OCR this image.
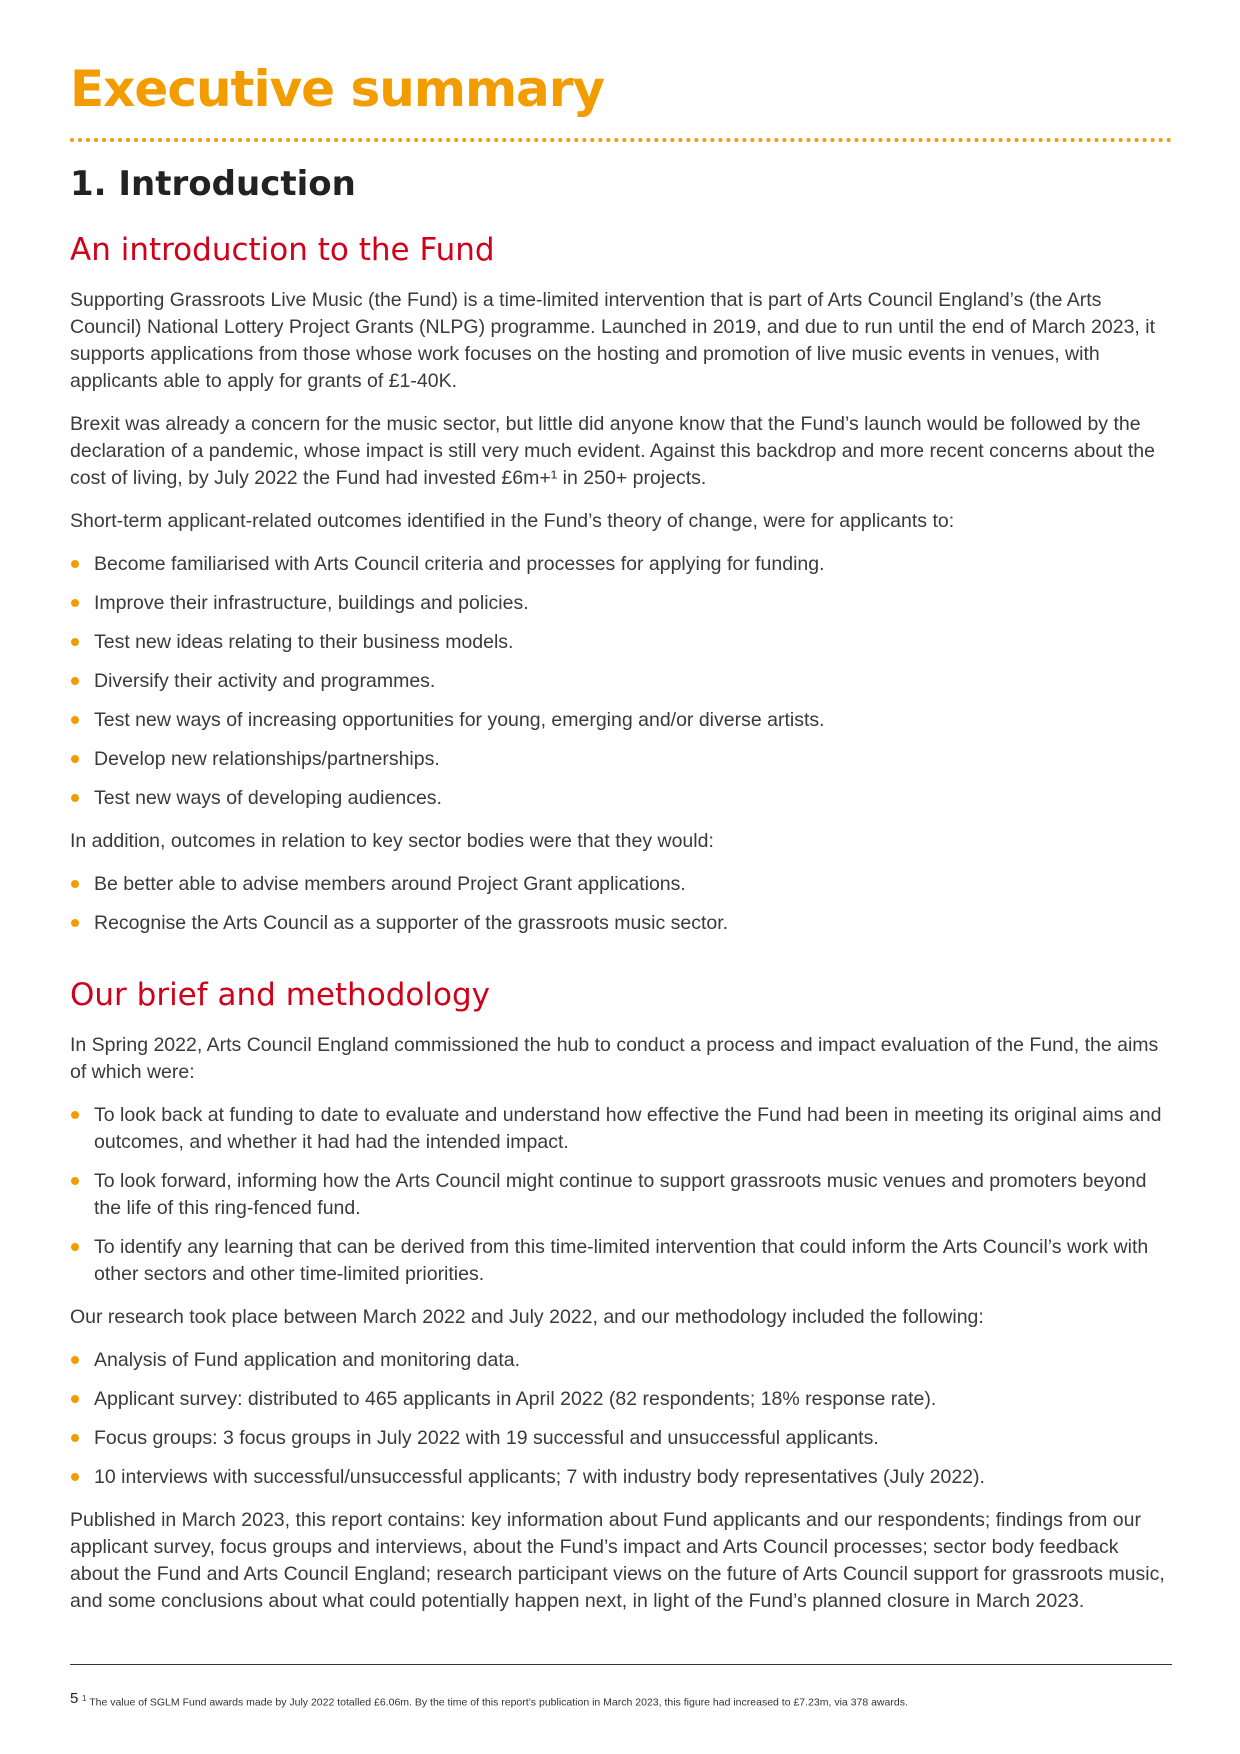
Executive summary
1. Introduction
An introduction to the Fund

Supporting Grassroots Live Music (the Fund) is a time-limited intervention that is part of Arts Council England’s (the Arts Council) National Lottery Project Grants (NLPG) programme. Launched in 2019, and due to run until the end of March 2023, it supports applications from those whose work focuses on the hosting and promotion of live music events in venues, with applicants able to apply for grants of £1-40K.

Brexit was already a concern for the music sector, but little did anyone know that the Fund’s launch would be followed by the declaration of a pandemic, whose impact is still very much evident. Against this backdrop and more recent concerns about the cost of living, by July 2022 the Fund had invested £6m+¹ in 250+ projects.

Short-term applicant-related outcomes identified in the Fund’s theory of change, were for applicants to:

Become familiarised with Arts Council criteria and processes for applying for funding.
Improve their infrastructure, buildings and policies.
Test new ideas relating to their business models.
Diversify their activity and programmes.
Test new ways of increasing opportunities for young, emerging and/or diverse artists.
Develop new relationships/partnerships.
Test new ways of developing audiences.

In addition, outcomes in relation to key sector bodies were that they would:

Be better able to advise members around Project Grant applications.
Recognise the Arts Council as a supporter of the grassroots music sector.
Our brief and methodology

In Spring 2022, Arts Council England commissioned the hub to conduct a process and impact evaluation of the Fund, the aims of which were:

To look back at funding to date to evaluate and understand how effective the Fund had been in meeting its original aims and outcomes, and whether it had had the intended impact.
To look forward, informing how the Arts Council might continue to support grassroots music venues and promoters beyond the life of this ring-fenced fund.
To identify any learning that can be derived from this time-limited intervention that could inform the Arts Council’s work with other sectors and other time-limited priorities.

Our research took place between March 2022 and July 2022, and our methodology included the following:

Analysis of Fund application and monitoring data.
Applicant survey: distributed to 465 applicants in April 2022 (82 respondents; 18% response rate).
Focus groups: 3 focus groups in July 2022 with 19 successful and unsuccessful applicants.
10 interviews with successful/unsuccessful applicants; 7 with industry body representatives (July 2022).

Published in March 2023, this report contains: key information about Fund applicants and our respondents; findings from our applicant survey, focus groups and interviews, about the Fund’s impact and Arts Council processes; sector body feedback about the Fund and Arts Council England; research participant views on the future of Arts Council support for grassroots music, and some conclusions about what could potentially happen next, in light of the Fund’s planned closure in March 2023.

5 $^1$ The value of SGLM Fund awards made by July 2022 totalled £6.06m. By the time of this report’s publication in March 2023, this figure had increased to £7.23m, via 378 awards.
